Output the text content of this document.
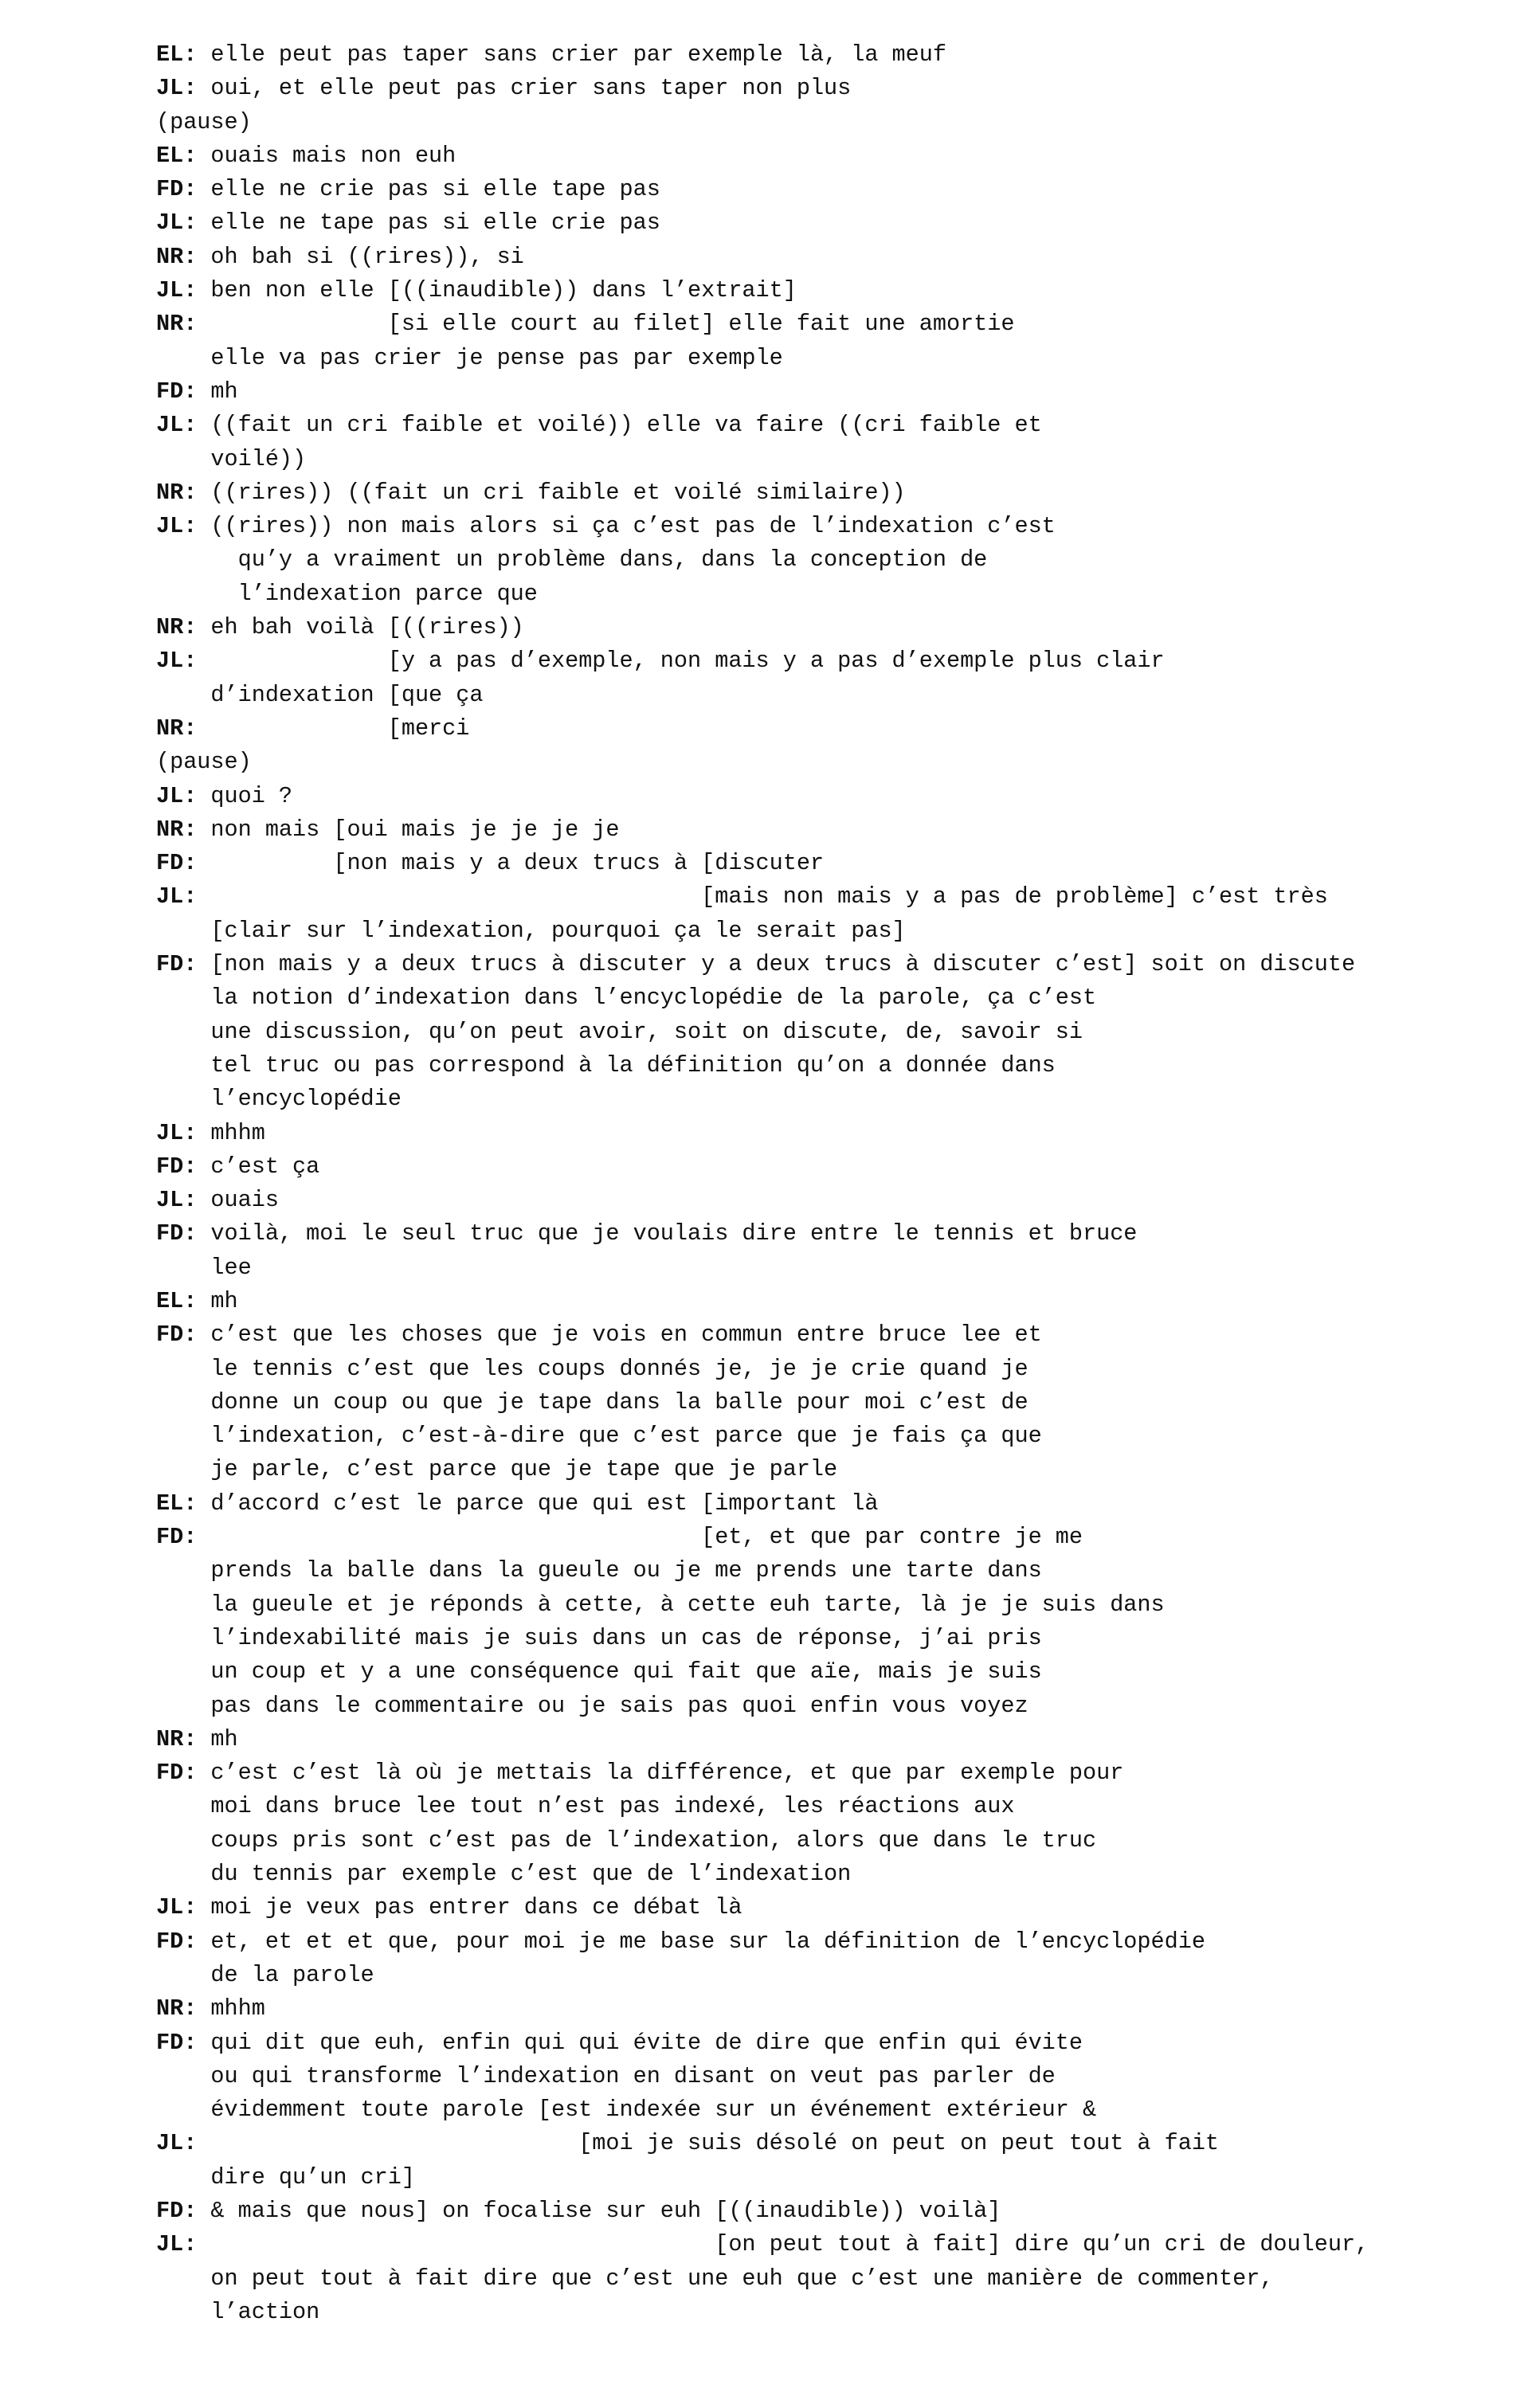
EL: elle peut pas taper sans crier par exemple là, la meuf
JL: oui, et elle peut pas crier sans taper non plus
(pause)
EL: ouais mais non euh
FD: elle ne crie pas si elle tape pas
JL: elle ne tape pas si elle crie pas
NR: oh bah si ((rires)), si
JL: ben non elle [((inaudible)) dans l’extrait]
NR:              [si elle court au filet] elle fait une amortie
elle va pas crier je pense pas par exemple
FD: mh
JL: ((fait un cri faible et voilé)) elle va faire ((cri faible et
voilé))
NR: ((rires)) ((fait un cri faible et voilé similaire))
JL: ((rires)) non mais alors si ça c’est pas de l’indexation c’est
qu’y a vraiment un problème dans, dans la conception de
l’indexation parce que
NR: eh bah voilà [((rires))
JL:              [y a pas d’exemple, non mais y a pas d’exemple plus clair
d’indexation [que ça
NR:              [merci
(pause)
JL: quoi ?
NR: non mais [oui mais je je je je
FD:          [non mais y a deux trucs à [discuter
JL:                                     [mais non mais y a pas de problème] c’est très
[clair sur l’indexation, pourquoi ça le serait pas]
FD: [non mais y a deux trucs à discuter y a deux trucs à discuter c’est] soit on discute
la notion d’indexation dans l’encyclopédie de la parole, ça c’est
une discussion, qu’on peut avoir, soit on discute, de, savoir si
tel truc ou pas correspond à la définition qu’on a donnée dans
l’encyclopédie
JL: mhhm
FD: c’est ça
JL: ouais
FD: voilà, moi le seul truc que je voulais dire entre le tennis et bruce
lee
EL: mh
FD: c’est que les choses que je vois en commun entre bruce lee et
le tennis c’est que les coups donnés je, je je crie quand je
donne un coup ou que je tape dans la balle pour moi c’est de
l’indexation, c’est-à-dire que c’est parce que je fais ça que
je parle, c’est parce que je tape que je parle
EL: d’accord c’est le parce que qui est [important là
FD:                                     [et, et que par contre je me
prends la balle dans la gueule ou je me prends une tarte dans
la gueule et je réponds à cette, à cette euh tarte, là je je suis dans
l’indexabilité mais je suis dans un cas de réponse, j’ai pris
un coup et y a une conséquence qui fait que aïe, mais je suis
pas dans le commentaire ou je sais pas quoi enfin vous voyez
NR: mh
FD: c’est c’est là où je mettais la différence, et que par exemple pour
moi dans bruce lee tout n’est pas indexé, les réactions aux
coups pris sont c’est pas de l’indexation, alors que dans le truc
du tennis par exemple c’est que de l’indexation
JL: moi je veux pas entrer dans ce débat là
FD: et, et et et que, pour moi je me base sur la définition de l’encyclopédie
de la parole
NR: mhhm
FD: qui dit que euh, enfin qui qui évite de dire que enfin qui évite
ou qui transforme l’indexation en disant on veut pas parler de
évidemment toute parole [est indexée sur un événement extérieur &
JL:                            [moi je suis désolé on peut on peut tout à fait
dire qu’un cri]
FD: & mais que nous] on focalise sur euh [((inaudible)) voilà]
JL:                                      [on peut tout à fait] dire qu’un cri de douleur,
on peut tout à fait dire que c’est une euh que c’est une manière de commenter,
l’action
